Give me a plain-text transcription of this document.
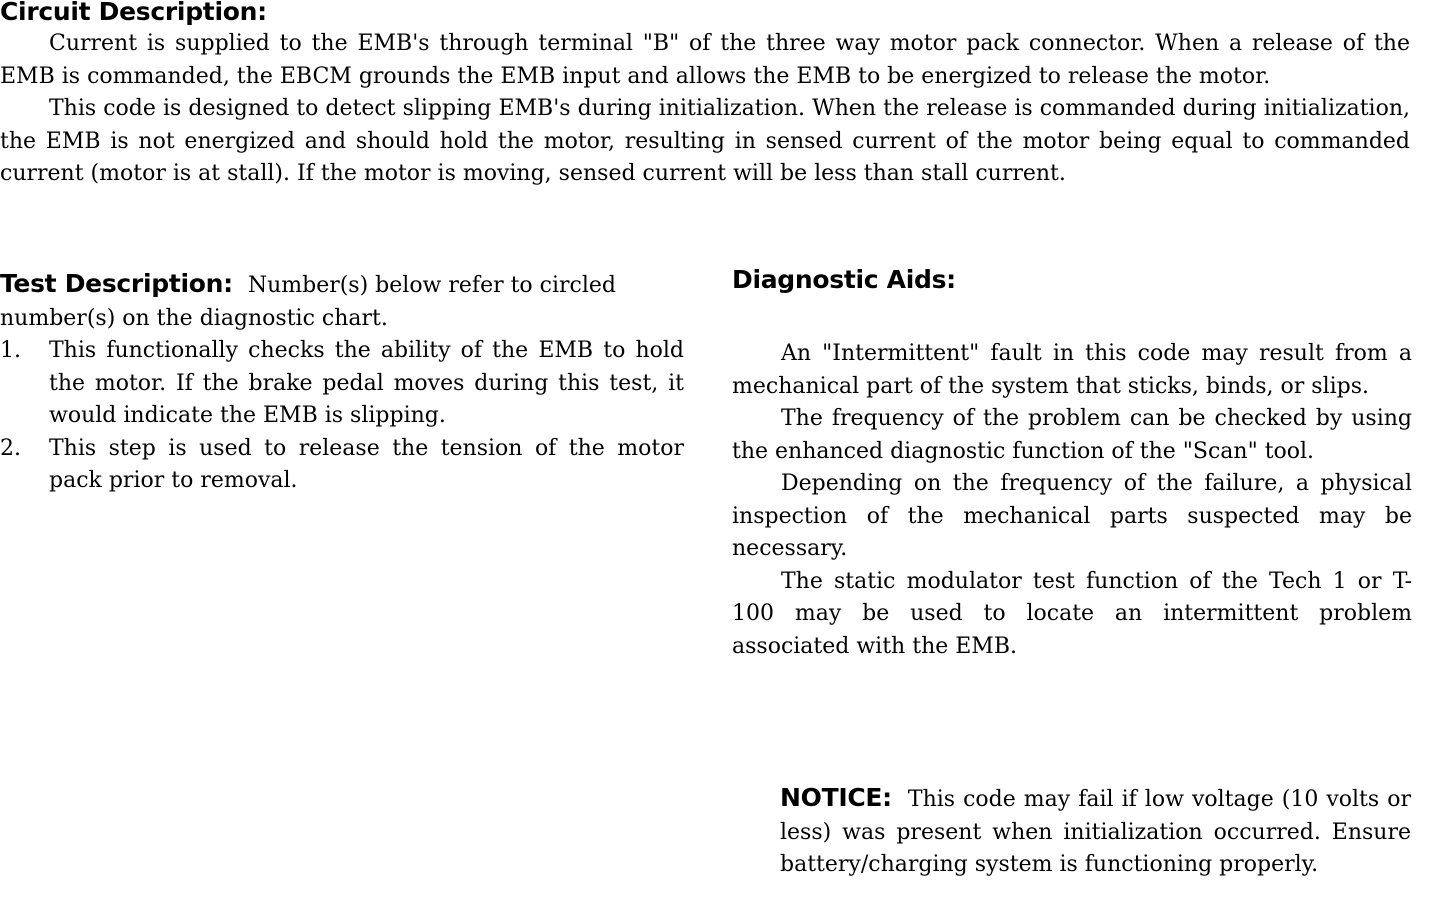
Circuit Description:

Current is supplied to the EMB's through terminal "B" of the three way motor pack connector. When a release of the EMB is commanded, the EBCM grounds the EMB input and allows the EMB to be energized to release the motor.

This code is designed to detect slipping EMB's during initialization. When the release is commanded during initialization, the EMB is not energized and should hold the motor, resulting in sensed current of the motor being equal to commanded current (motor is at stall). If the motor is moving, sensed current will be less than stall current.

Test Description: Number(s) below refer to circled number(s) on the diagnostic chart.

1.	This functionally checks the ability of the EMB to hold the motor. If the brake pedal moves during this test, it would indicate the EMB is slipping.
2.	This step is used to release the tension of the motor pack prior to removal.
Diagnostic Aids:

An "Intermittent" fault in this code may result from a mechanical part of the system that sticks, binds, or slips.

The frequency of the problem can be checked by using the enhanced diagnostic function of the "Scan" tool.

Depending on the frequency of the failure, a physical inspection of the mechanical parts suspected may be necessary.

The static modulator test function of the Tech 1 or T-100 may be used to locate an intermittent problem associated with the EMB.

NOTICE: This code may fail if low voltage (10 volts or less) was present when initialization occurred. Ensure battery/charging system is functioning properly.
